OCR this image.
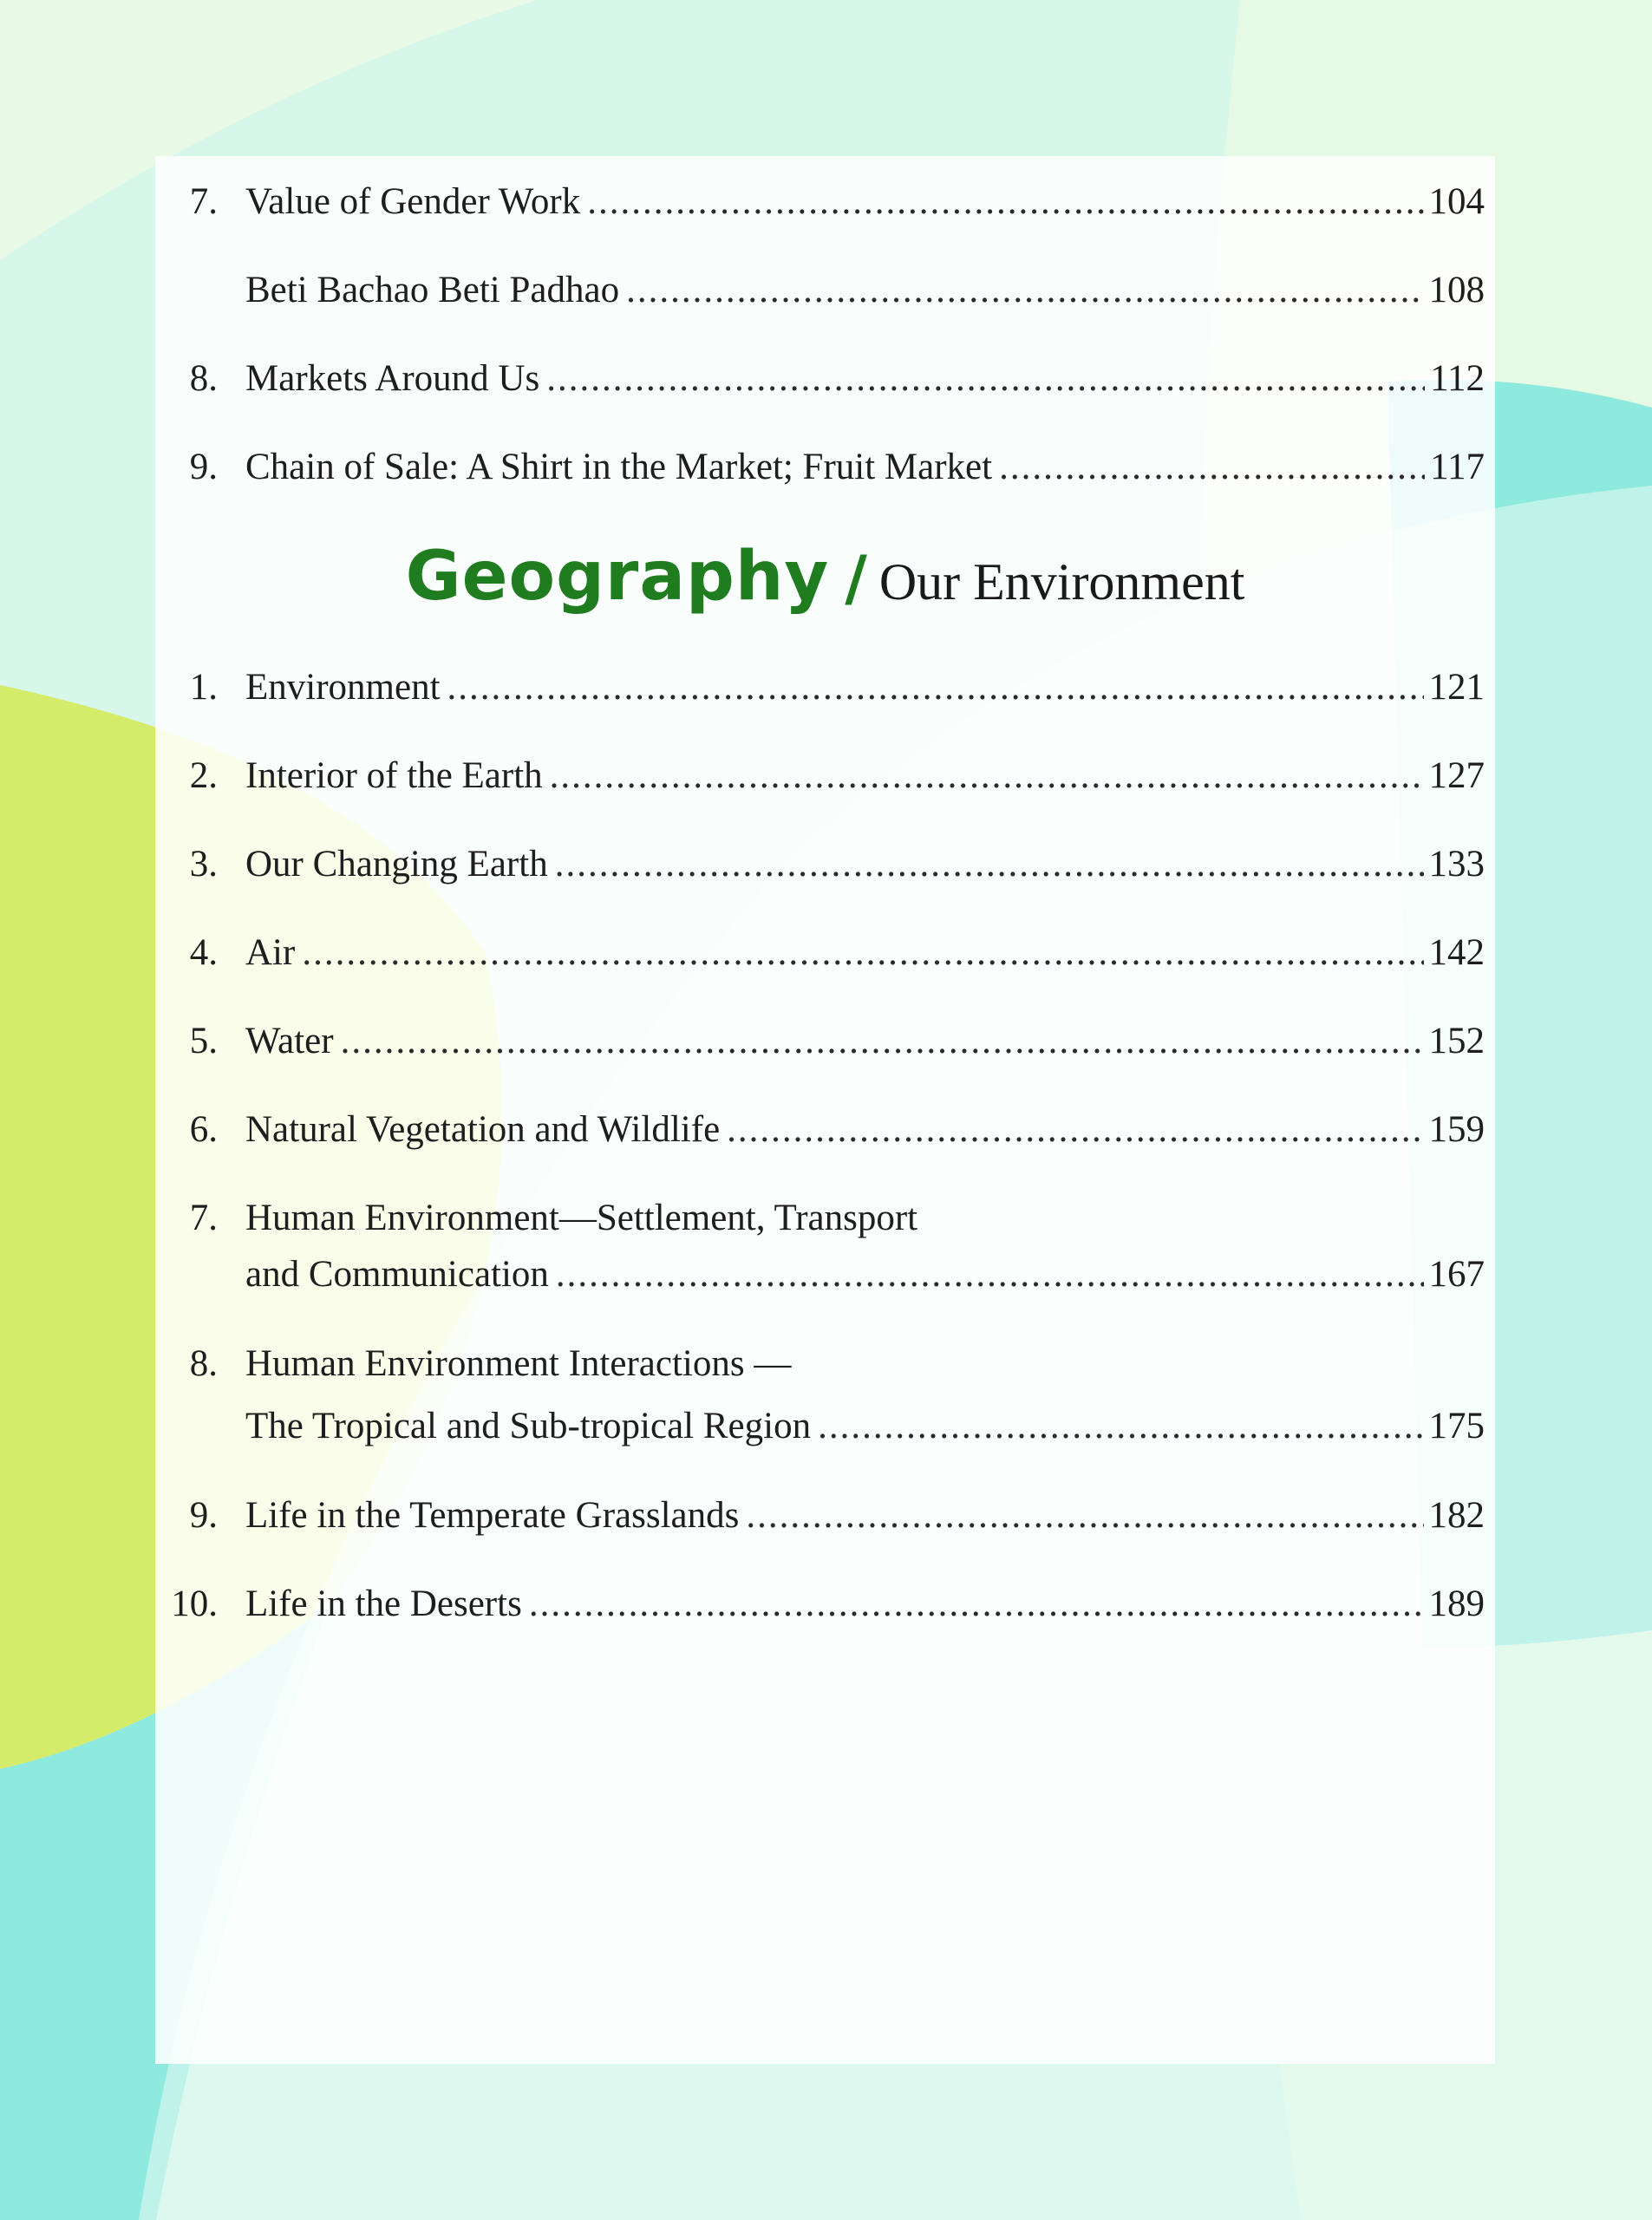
7. Value of Gender Work .....	104
Beti Bachao Beti Padhao .....	108
8. Markets Around Us .....	112
9. Chain of Sale: A Shirt in the Market; Fruit Market .....	117
Geography / Our Environment
1. Environment .....	121
2. Interior of the Earth .....	127
3. Our Changing Earth .....	133
4. Air .....	142
5. Water .....	152
6. Natural Vegetation and Wildlife .....	159
7. Human Environment—Settlement, Transport
and Communication .....	167
8. Human Environment Interactions —
The Tropical and Sub-tropical Region .....	175
9. Life in the Temperate Grasslands .....	182
10. Life in the Deserts .....	189
